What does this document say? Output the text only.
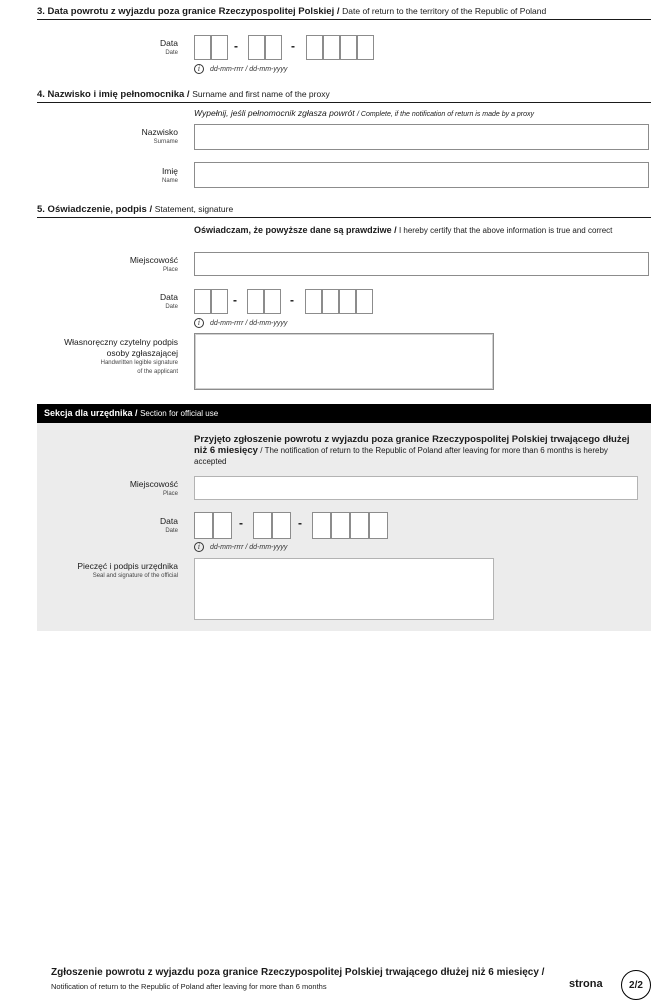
3. Data powrotu z wyjazdu poza granice Rzeczypospolitej Polskiej / Date of return to the territory of the Republic of Poland
Data
Date	-	-
i	dd-mm-rrrr / dd-mm-yyyy
4. Nazwisko i imię pełnomocnika / Surname and first name of the proxy
Wypełnij, jeśli pełnomocnik zgłasza powrót / Complete, if the notification of return is made by a proxy
Nazwisko
Surname
Imię
Name
5. Oświadczenie, podpis / Statement, signature
Oświadczam, że powyższe dane są prawdziwe / I hereby certify that the above information is true and correct
Miejscowość
Place
Data
Date	-	-
i	dd-mm-rrrr / dd-mm-yyyy
Własnoręczny czytelny podpis
osoby zgłaszającej
Handwritten legible signature
of the applicant
Sekcja dla urzędnika / Section for official use
Przyjęto zgłoszenie powrotu z wyjazdu poza granice Rzeczypospolitej Polskiej trwającego dłużej niż 6 miesięcy / The notification of return to the Republic of Poland after leaving for more than 6 months is hereby accepted
Miejscowość
Place
Data
Date
-	-
i	dd-mm-rrrr / dd-mm-yyyy
Pieczęć i podpis urzędnika
Seal and signature of the official
Zgłoszenie powrotu z wyjazdu poza granice Rzeczypospolitej Polskiej trwającego dłużej niż 6 miesięcy / Notification of return to the Republic of Poland after leaving for more than 6 months	strona	2/2
